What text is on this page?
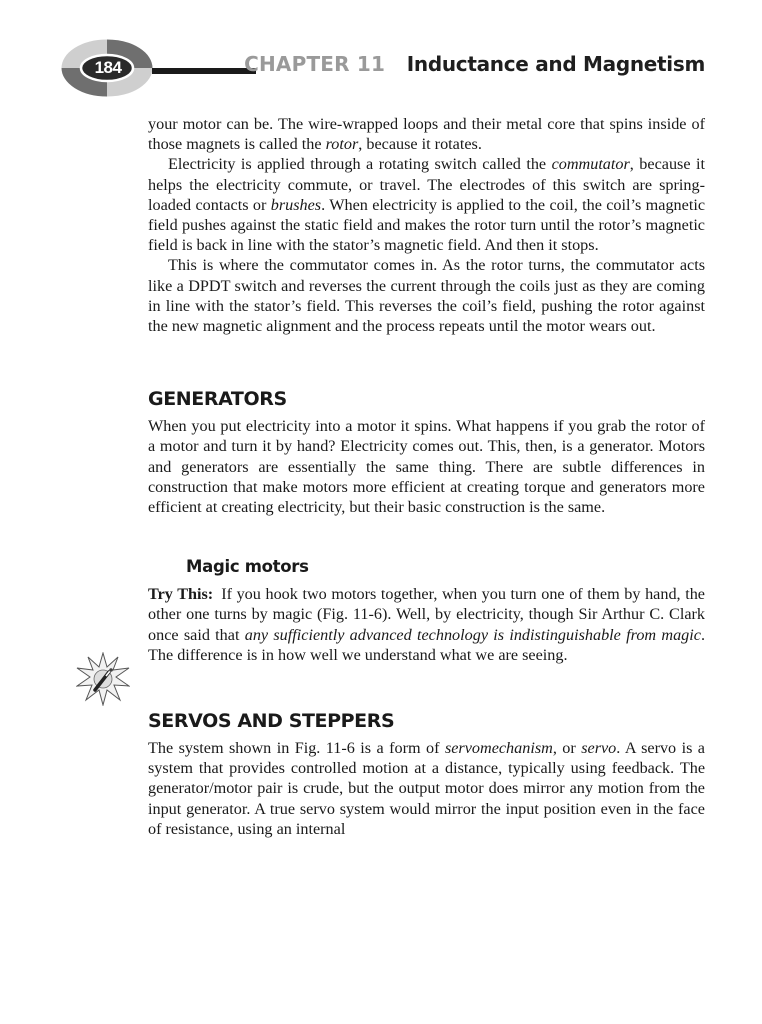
184	CHAPTER 11 Inductance and Magnetism

your motor can be. The wire-wrapped loops and their metal core that spins inside of those magnets is called the rotor, because it rotates.

Electricity is applied through a rotating switch called the commutator, because it helps the electricity commute, or travel. The electrodes of this switch are spring-loaded contacts or brushes. When electricity is applied to the coil, the coil’s magnetic field pushes against the static field and makes the rotor turn until the rotor’s magnetic field is back in line with the stator’s magnetic field. And then it stops.

This is where the commutator comes in. As the rotor turns, the commutator acts like a DPDT switch and reverses the current through the coils just as they are coming in line with the stator’s field. This reverses the coil’s field, pushing the rotor against the new magnetic alignment and the process repeats until the motor wears out.

GENERATORS

When you put electricity into a motor it spins. What happens if you grab the rotor of a motor and turn it by hand? Electricity comes out. This, then, is a generator. Motors and generators are essentially the same thing. There are subtle differences in construction that make motors more efficient at creating torque and generators more efficient at creating electricity, but their basic construction is the same.

Magic motors

Try This: If you hook two motors together, when you turn one of them by hand, the other one turns by magic (Fig. 11-6). Well, by electricity, though Sir Arthur C. Clark once said that any sufficiently advanced technology is indistinguishable from magic. The difference is in how well we understand what we are seeing.

SERVOS AND STEPPERS

The system shown in Fig. 11-6 is a form of servomechanism, or servo. A servo is a system that provides controlled motion at a distance, typically using feedback. The generator/motor pair is crude, but the output motor does mirror any motion from the input generator. A true servo system would mirror the input position even in the face of resistance, using an internal
